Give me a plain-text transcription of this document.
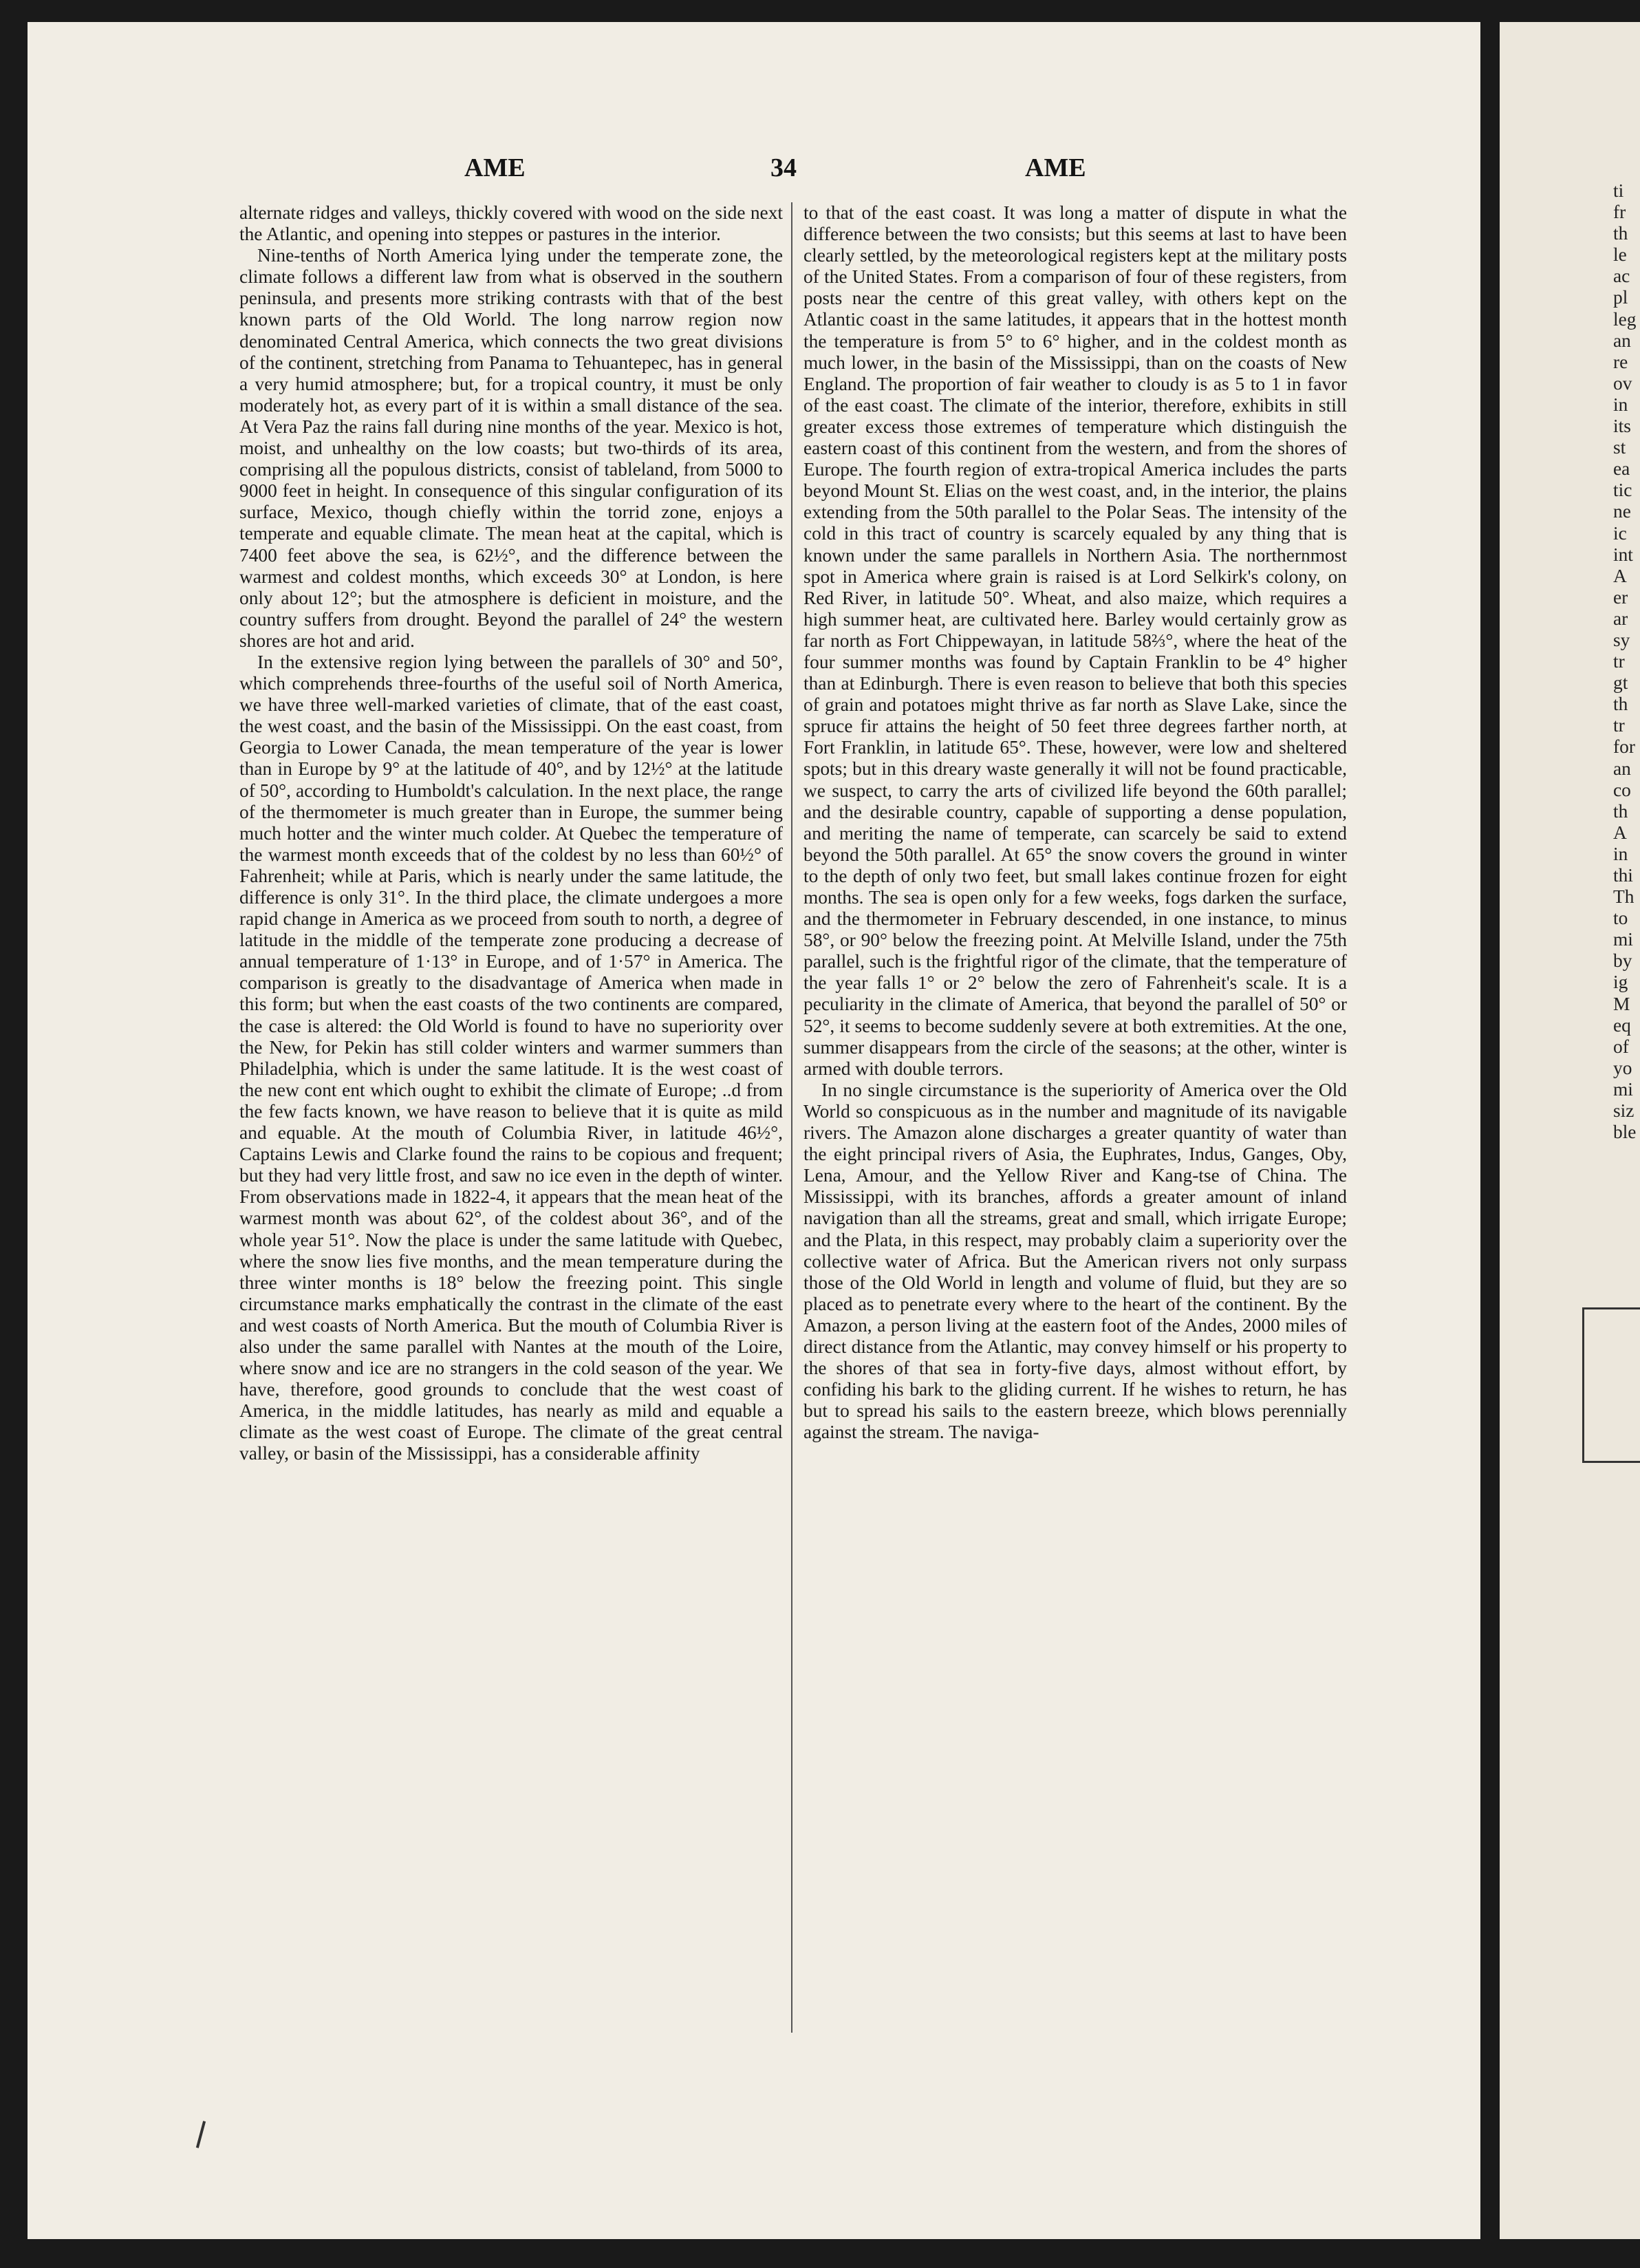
AME	34	AME

alternate ridges and valleys, thickly covered with wood on the side next the Atlantic, and opening into steppes or pastures in the interior.

Nine-tenths of North America lying under the temperate zone, the climate follows a different law from what is observed in the southern peninsula, and presents more striking contrasts with that of the best known parts of the Old World. The long narrow region now denominated Central America, which connects the two great divisions of the continent, stretching from Panama to Tehuantepec, has in general a very humid atmosphere; but, for a tropical country, it must be only moderately hot, as every part of it is within a small distance of the sea. At Vera Paz the rains fall during nine months of the year. Mexico is hot, moist, and unhealthy on the low coasts; but two-thirds of its area, comprising all the populous districts, consist of tableland, from 5000 to 9000 feet in height. In consequence of this singular configuration of its surface, Mexico, though chiefly within the torrid zone, enjoys a temperate and equable climate. The mean heat at the capital, which is 7400 feet above the sea, is 62½°, and the difference between the warmest and coldest months, which exceeds 30° at London, is here only about 12°; but the atmosphere is deficient in moisture, and the country suffers from drought. Beyond the parallel of 24° the western shores are hot and arid.

In the extensive region lying between the parallels of 30° and 50°, which comprehends three-fourths of the useful soil of North America, we have three well-marked varieties of climate, that of the east coast, the west coast, and the basin of the Mississippi. On the east coast, from Georgia to Lower Canada, the mean temperature of the year is lower than in Europe by 9° at the latitude of 40°, and by 12½° at the latitude of 50°, according to Humboldt's calculation. In the next place, the range of the thermometer is much greater than in Europe, the summer being much hotter and the winter much colder. At Quebec the temperature of the warmest month exceeds that of the coldest by no less than 60½° of Fahrenheit; while at Paris, which is nearly under the same latitude, the difference is only 31°. In the third place, the climate undergoes a more rapid change in America as we proceed from south to north, a degree of latitude in the middle of the temperate zone producing a decrease of annual temperature of 1·13° in Europe, and of 1·57° in America. The comparison is greatly to the disadvantage of America when made in this form; but when the east coasts of the two continents are compared, the case is altered: the Old World is found to have no superiority over the New, for Pekin has still colder winters and warmer summers than Philadelphia, which is under the same latitude. It is the west coast of the new cont⁠ ⁠ent which ought to exhibit the climate of Europe; ..d from the few facts known, we have reason to believe that it is quite as mild and equable. At the mouth of Columbia River, in latitude 46½°, Captains Lewis and Clarke found the rains to be copious and frequent; but they had very little frost, and saw no ice even in the depth of winter. From observations made in 1822-4, it appears that the mean heat of the warmest month was about 62°, of the coldest about 36°, and of the whole year 51°. Now the place is under the same latitude with Quebec, where the snow lies five months, and the mean temperature during the three winter months is 18° below the freezing point. This single circumstance marks emphatically the contrast in the climate of the east and west coasts of North America. But the mouth of Columbia River is also under the same parallel with Nantes at the mouth of the Loire, where snow and ice are no strangers in the cold season of the year. We have, therefore, good grounds to conclude that the west coast of America, in the middle latitudes, has nearly as mild and equable a climate as the west coast of Europe. The climate of the great central valley, or basin of the Mississippi, has a considerable affinity

to that of the east coast. It was long a matter of dispute in what the difference between the two consists; but this seems at last to have been clearly settled, by the meteorological registers kept at the military posts of the United States. From a comparison of four of these registers, from posts near the centre of this great valley, with others kept on the Atlantic coast in the same latitudes, it appears that in the hottest month the temperature is from 5° to 6° higher, and in the coldest month as much lower, in the basin of the Mississippi, than on the coasts of New England. The proportion of fair weather to cloudy is as 5 to 1 in favor of the east coast. The climate of the interior, therefore, exhibits in still greater excess those extremes of temperature which distinguish the eastern coast of this continent from the western, and from the shores of Europe. The fourth region of extra-tropical America includes the parts beyond Mount St. Elias on the west coast, and, in the interior, the plains extending from the 50th parallel to the Polar Seas. The intensity of the cold in this tract of country is scarcely equaled by any thing that is known under the same parallels in Northern Asia. The northernmost spot in America where grain is raised is at Lord Selkirk's colony, on Red River, in latitude 50°. Wheat, and also maize, which requires a high summer heat, are cultivated here. Barley would certainly grow as far north as Fort Chippewayan, in latitude 58⅔°, where the heat of the four summer months was found by Captain Franklin to be 4° higher than at Edinburgh. There is even reason to believe that both this species of grain and potatoes might thrive as far north as Slave Lake, since the spruce fir attains the height of 50 feet three degrees farther north, at Fort Franklin, in latitude 65°. These, however, were low and sheltered spots; but in this dreary waste generally it will not be found practicable, we suspect, to carry the arts of civilized life beyond the 60th parallel; and the desirable country, capable of supporting a dense population, and meriting the name of temperate, can scarcely be said to extend beyond the 50th parallel. At 65° the snow covers the ground in winter to the depth of only two feet, but small lakes continue frozen for eight months. The sea is open only for a few weeks, fogs darken the surface, and the thermometer in February descended, in one instance, to minus 58°, or 90° below the freezing point. At Melville Island, under the 75th parallel, such is the frightful rigor of the climate, that the temperature of the year falls 1° or 2° below the zero of Fahrenheit's scale. It is a peculiarity in the climate of America, that beyond the parallel of 50° or 52°, it seems to become suddenly severe at both extremities. At the one, summer disappears from the circle of the seasons; at the other, winter is armed with double terrors.

In no single circumstance is the superiority of America over the Old World so conspicuous as in the number and magnitude of its navigable rivers. The Amazon alone discharges a greater quantity of water than the eight principal rivers of Asia, the Euphrates, Indus, Ganges, Oby, Lena, Amour, and the Yellow River and Kang-tse of China. The Mississippi, with its branches, affords a greater amount of inland navigation than all the streams, great and small, which irrigate Europe; and the Plata, in this respect, may probably claim a superiority over the collective water of Africa. But the American rivers not only surpass those of the Old World in length and volume of fluid, but they are so placed as to penetrate every where to the heart of the continent. By the Amazon, a person living at the eastern foot of the Andes, 2000 miles of direct distance from the Atlantic, may convey himself or his property to the shores of that sea in forty-five days, almost without effort, by confiding his bark to the gliding current. If he wishes to return, he has but to spread his sails to the eastern breeze, which blows perennially against the stream. The naviga-

ti
fr
th
le
ac
pl
leg
an
re
ov
in
its
st
ea
tic
ne
ic
int
A
er
ar
sy
tr
gt
th
tr
for
an
co
th
A
in
thi
Th
to
mi
by
ig
M
eq
of
yo
mi
siz
ble
